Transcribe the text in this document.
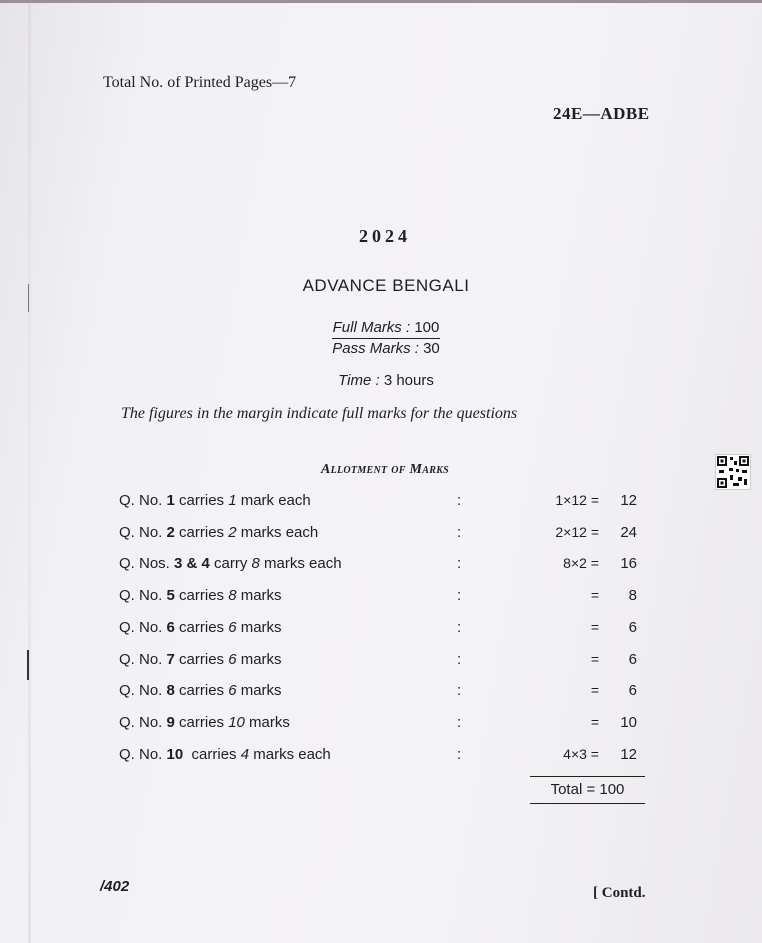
Total No. of Printed Pages—7
24E—ADBE
2024
ADVANCE BENGALI
Full Marks : 100
Pass Marks : 30
Time : 3 hours
The figures in the margin indicate full marks for the questions
Allotment of Marks
Q. No. 1 carries 1 mark each	:	1×12 =	12
Q. No. 2 carries 2 marks each	:	2×12 =	24
Q. Nos. 3 & 4 carry 8 marks each	:	8×2 =	16
Q. No. 5 carries 8 marks	:	=	8
Q. No. 6 carries 6 marks	:	=	6
Q. No. 7 carries 6 marks	:	=	6
Q. No. 8 carries 6 marks	:	=	6
Q. No. 9 carries 10 marks	:	=	10
Q. No. 10  carries 4 marks each	:	4×3 =	12
Total = 100
/402	[ Contd.
